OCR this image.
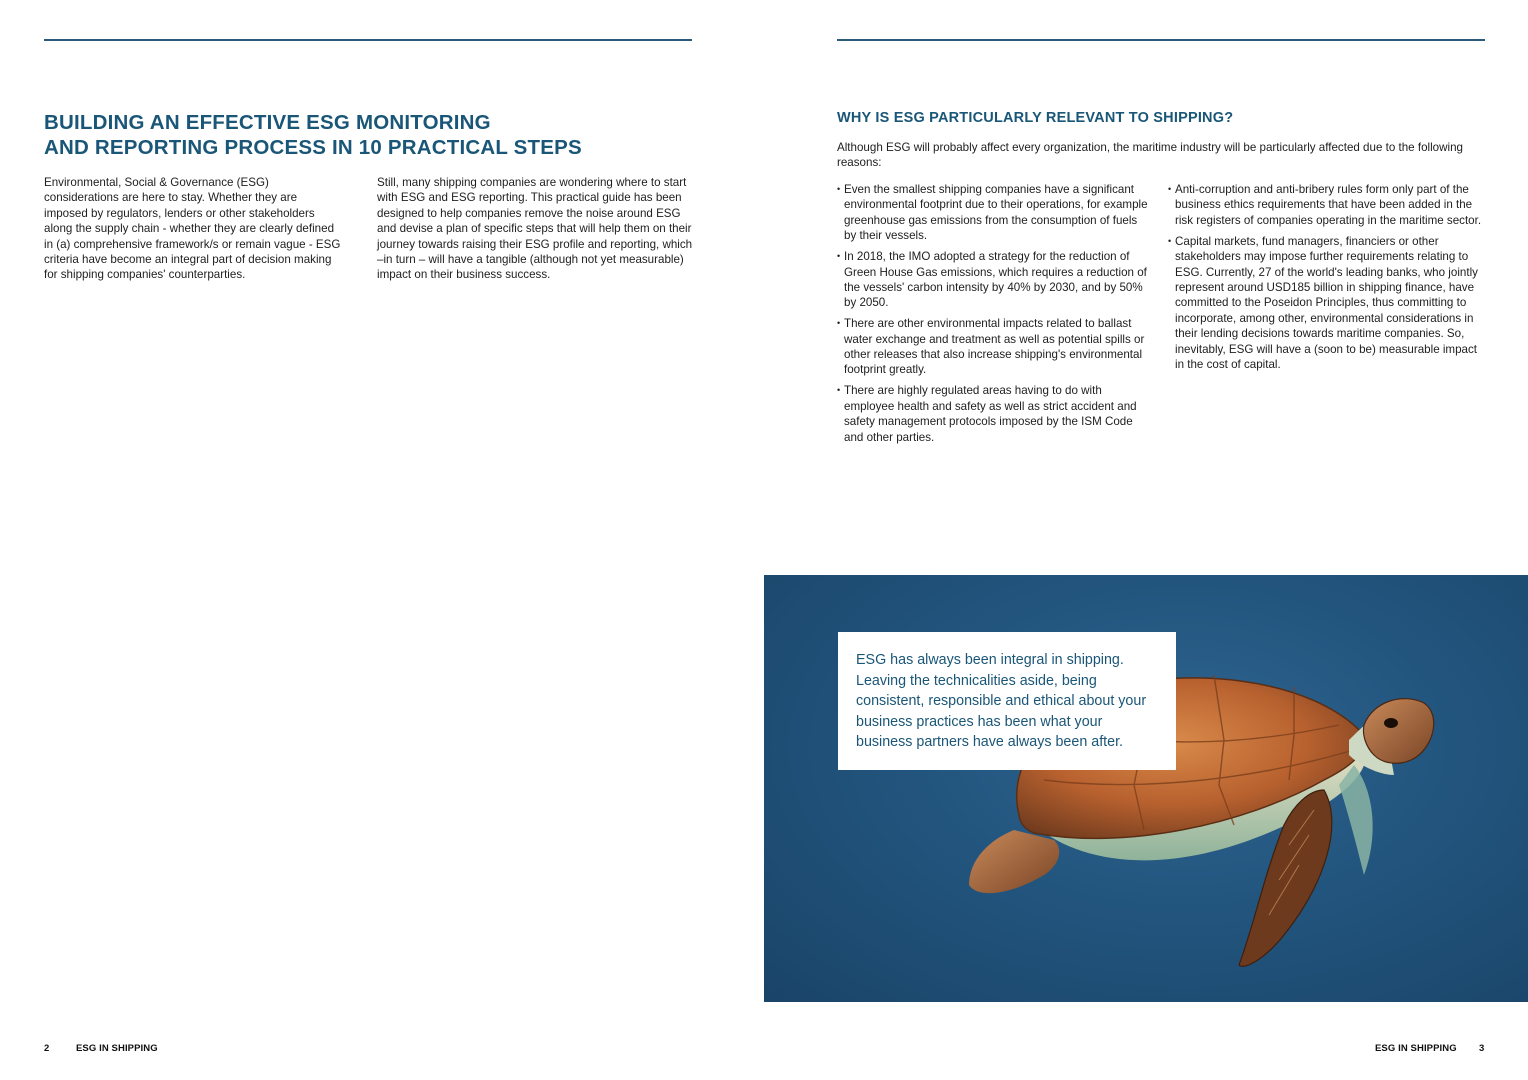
BUILDING AN EFFECTIVE ESG MONITORING
AND REPORTING PROCESS IN 10 PRACTICAL STEPS

Environmental, Social & Governance (ESG) considerations are here to stay. Whether they are imposed by regulators, lenders or other stakeholders along the supply chain - whether they are clearly defined in (a) comprehensive framework/s or remain vague - ESG criteria have become an integral part of decision making for shipping companies' counterparties.

Still, many shipping companies are wondering where to start with ESG and ESG reporting. This practical guide has been designed to help companies remove the noise around ESG and devise a plan of specific steps that will help them on their journey towards raising their ESG profile and reporting, which –in turn – will have a tangible (although not yet measurable) impact on their business success.

WHY IS ESG PARTICULARLY RELEVANT TO SHIPPING?

Although ESG will probably affect every organization, the maritime industry will be particularly affected due to the following reasons:

• Even the smallest shipping companies have a significant environmental footprint due to their operations, for example greenhouse gas emissions from the consumption of fuels by their vessels.
• In 2018, the IMO adopted a strategy for the reduction of Green House Gas emissions, which requires a reduction of the vessels' carbon intensity by 40% by 2030, and by 50% by 2050.
• There are other environmental impacts related to ballast water exchange and treatment as well as potential spills or other releases that also increase shipping's environmental footprint greatly.
• There are highly regulated areas having to do with employee health and safety as well as strict accident and safety management protocols imposed by the ISM Code and other parties.
• Anti-corruption and anti-bribery rules form only part of the business ethics requirements that have been added in the risk registers of companies operating in the maritime sector.
• Capital markets, fund managers, financiers or other stakeholders may impose further requirements relating to ESG. Currently, 27 of the world's leading banks, who jointly represent around USD185 billion in shipping finance, have committed to the Poseidon Principles, thus committing to incorporate, among other, environmental considerations in their lending decisions towards maritime companies. So, inevitably, ESG will have a (soon to be) measurable impact in the cost of capital.

ESG has always been integral in shipping. Leaving the technicalities aside, being consistent, responsible and ethical about your business practices has been what your business partners have always been after.

2	ESG IN SHIPPING	ESG IN SHIPPING 3
